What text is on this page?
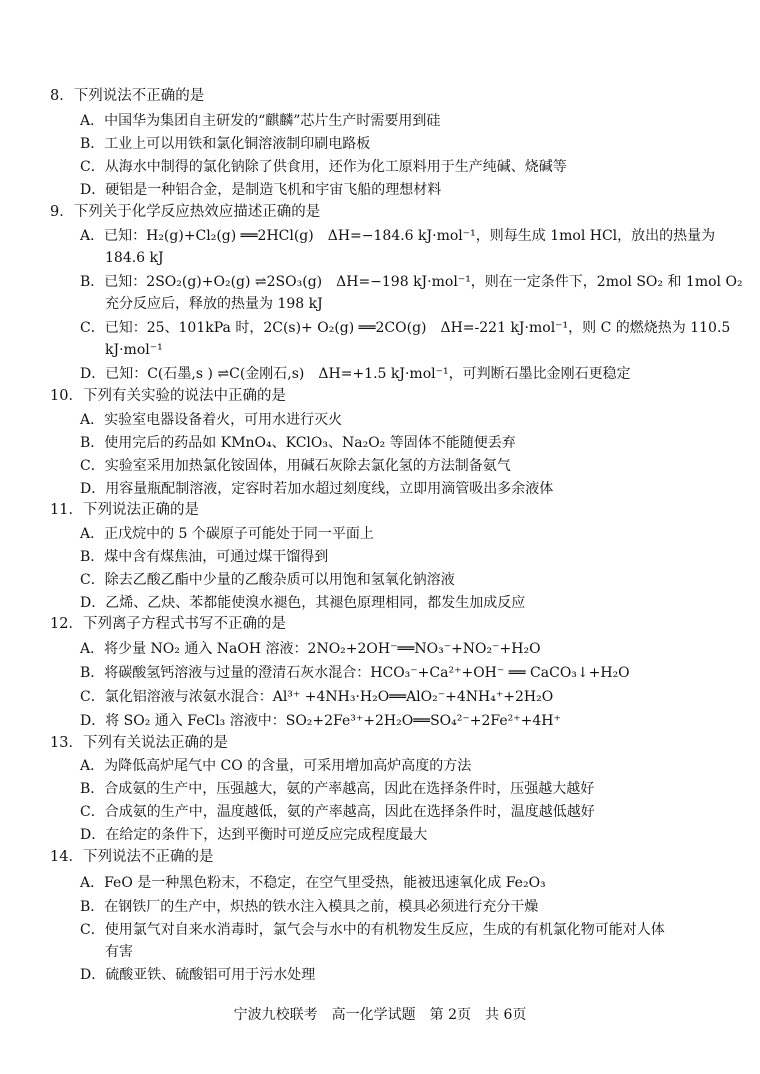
8．下列说法不正确的是
A．中国华为集团自主研发的“麒麟”芯片生产时需要用到硅
B．工业上可以用铁和氯化铜溶液制印刷电路板
C．从海水中制得的氯化钠除了供食用，还作为化工原料用于生产纯碱、烧碱等
D．硬铝是一种铝合金，是制造飞机和宇宙飞船的理想材料
9．下列关于化学反应热效应描述正确的是
A．已知：H₂(g)+Cl₂(g) ══2HCl(g)　ΔH=−184.6 kJ·mol⁻¹，则每生成 1mol HCl，放出的热量为
184.6 kJ
B．已知：2SO₂(g)+O₂(g) ⇌2SO₃(g)　ΔH=−198 kJ·mol⁻¹，则在一定条件下，2mol SO₂ 和 1mol O₂
充分反应后，释放的热量为 198 kJ
C．已知：25、101kPa 时，2C(s)+ O₂(g) ══2CO(g)　ΔH=-221 kJ·mol⁻¹，则 C 的燃烧热为 110.5
kJ·mol⁻¹
D．已知：C(石墨,s ) ⇌C(金刚石,s)　ΔH=+1.5 kJ·mol⁻¹，可判断石墨比金刚石更稳定
10．下列有关实验的说法中正确的是
A．实验室电器设备着火，可用水进行灭火
B．使用完后的药品如 KMnO₄、KClO₃、Na₂O₂ 等固体不能随便丢弃
C．实验室采用加热氯化铵固体，用碱石灰除去氯化氢的方法制备氨气
D．用容量瓶配制溶液，定容时若加水超过刻度线，立即用滴管吸出多余液体
11．下列说法正确的是
A．正戊烷中的 5 个碳原子可能处于同一平面上
B．煤中含有煤焦油，可通过煤干馏得到
C．除去乙酸乙酯中少量的乙酸杂质可以用饱和氢氧化钠溶液
D．乙烯、乙炔、苯都能使溴水褪色，其褪色原理相同，都发生加成反应
12．下列离子方程式书写不正确的是
A．将少量 NO₂ 通入 NaOH 溶液：2NO₂+2OH⁻══NO₃⁻+NO₂⁻+H₂O
B．将碳酸氢钙溶液与过量的澄清石灰水混合：HCO₃⁻+Ca²⁺+OH⁻ ══ CaCO₃↓+H₂O
C．氯化铝溶液与浓氨水混合：Al³⁺ +4NH₃·H₂O══AlO₂⁻+4NH₄⁺+2H₂O
D．将 SO₂ 通入 FeCl₃ 溶液中：SO₂+2Fe³⁺+2H₂O══SO₄²⁻+2Fe²⁺+4H⁺
13．下列有关说法正确的是
A．为降低高炉尾气中 CO 的含量，可采用增加高炉高度的方法
B．合成氨的生产中，压强越大，氨的产率越高，因此在选择条件时，压强越大越好
C．合成氨的生产中，温度越低，氨的产率越高，因此在选择条件时，温度越低越好
D．在给定的条件下，达到平衡时可逆反应完成程度最大
14．下列说法不正确的是
A．FeO 是一种黑色粉末，不稳定，在空气里受热，能被迅速氧化成 Fe₂O₃
B．在钢铁厂的生产中，炽热的铁水注入模具之前，模具必须进行充分干燥
C．使用氯气对自来水消毒时，氯气会与水中的有机物发生反应，生成的有机氯化物可能对人体
有害
D．硫酸亚铁、硫酸铝可用于污水处理
宁波九校联考　高一化学试题　第 2页　共 6页
